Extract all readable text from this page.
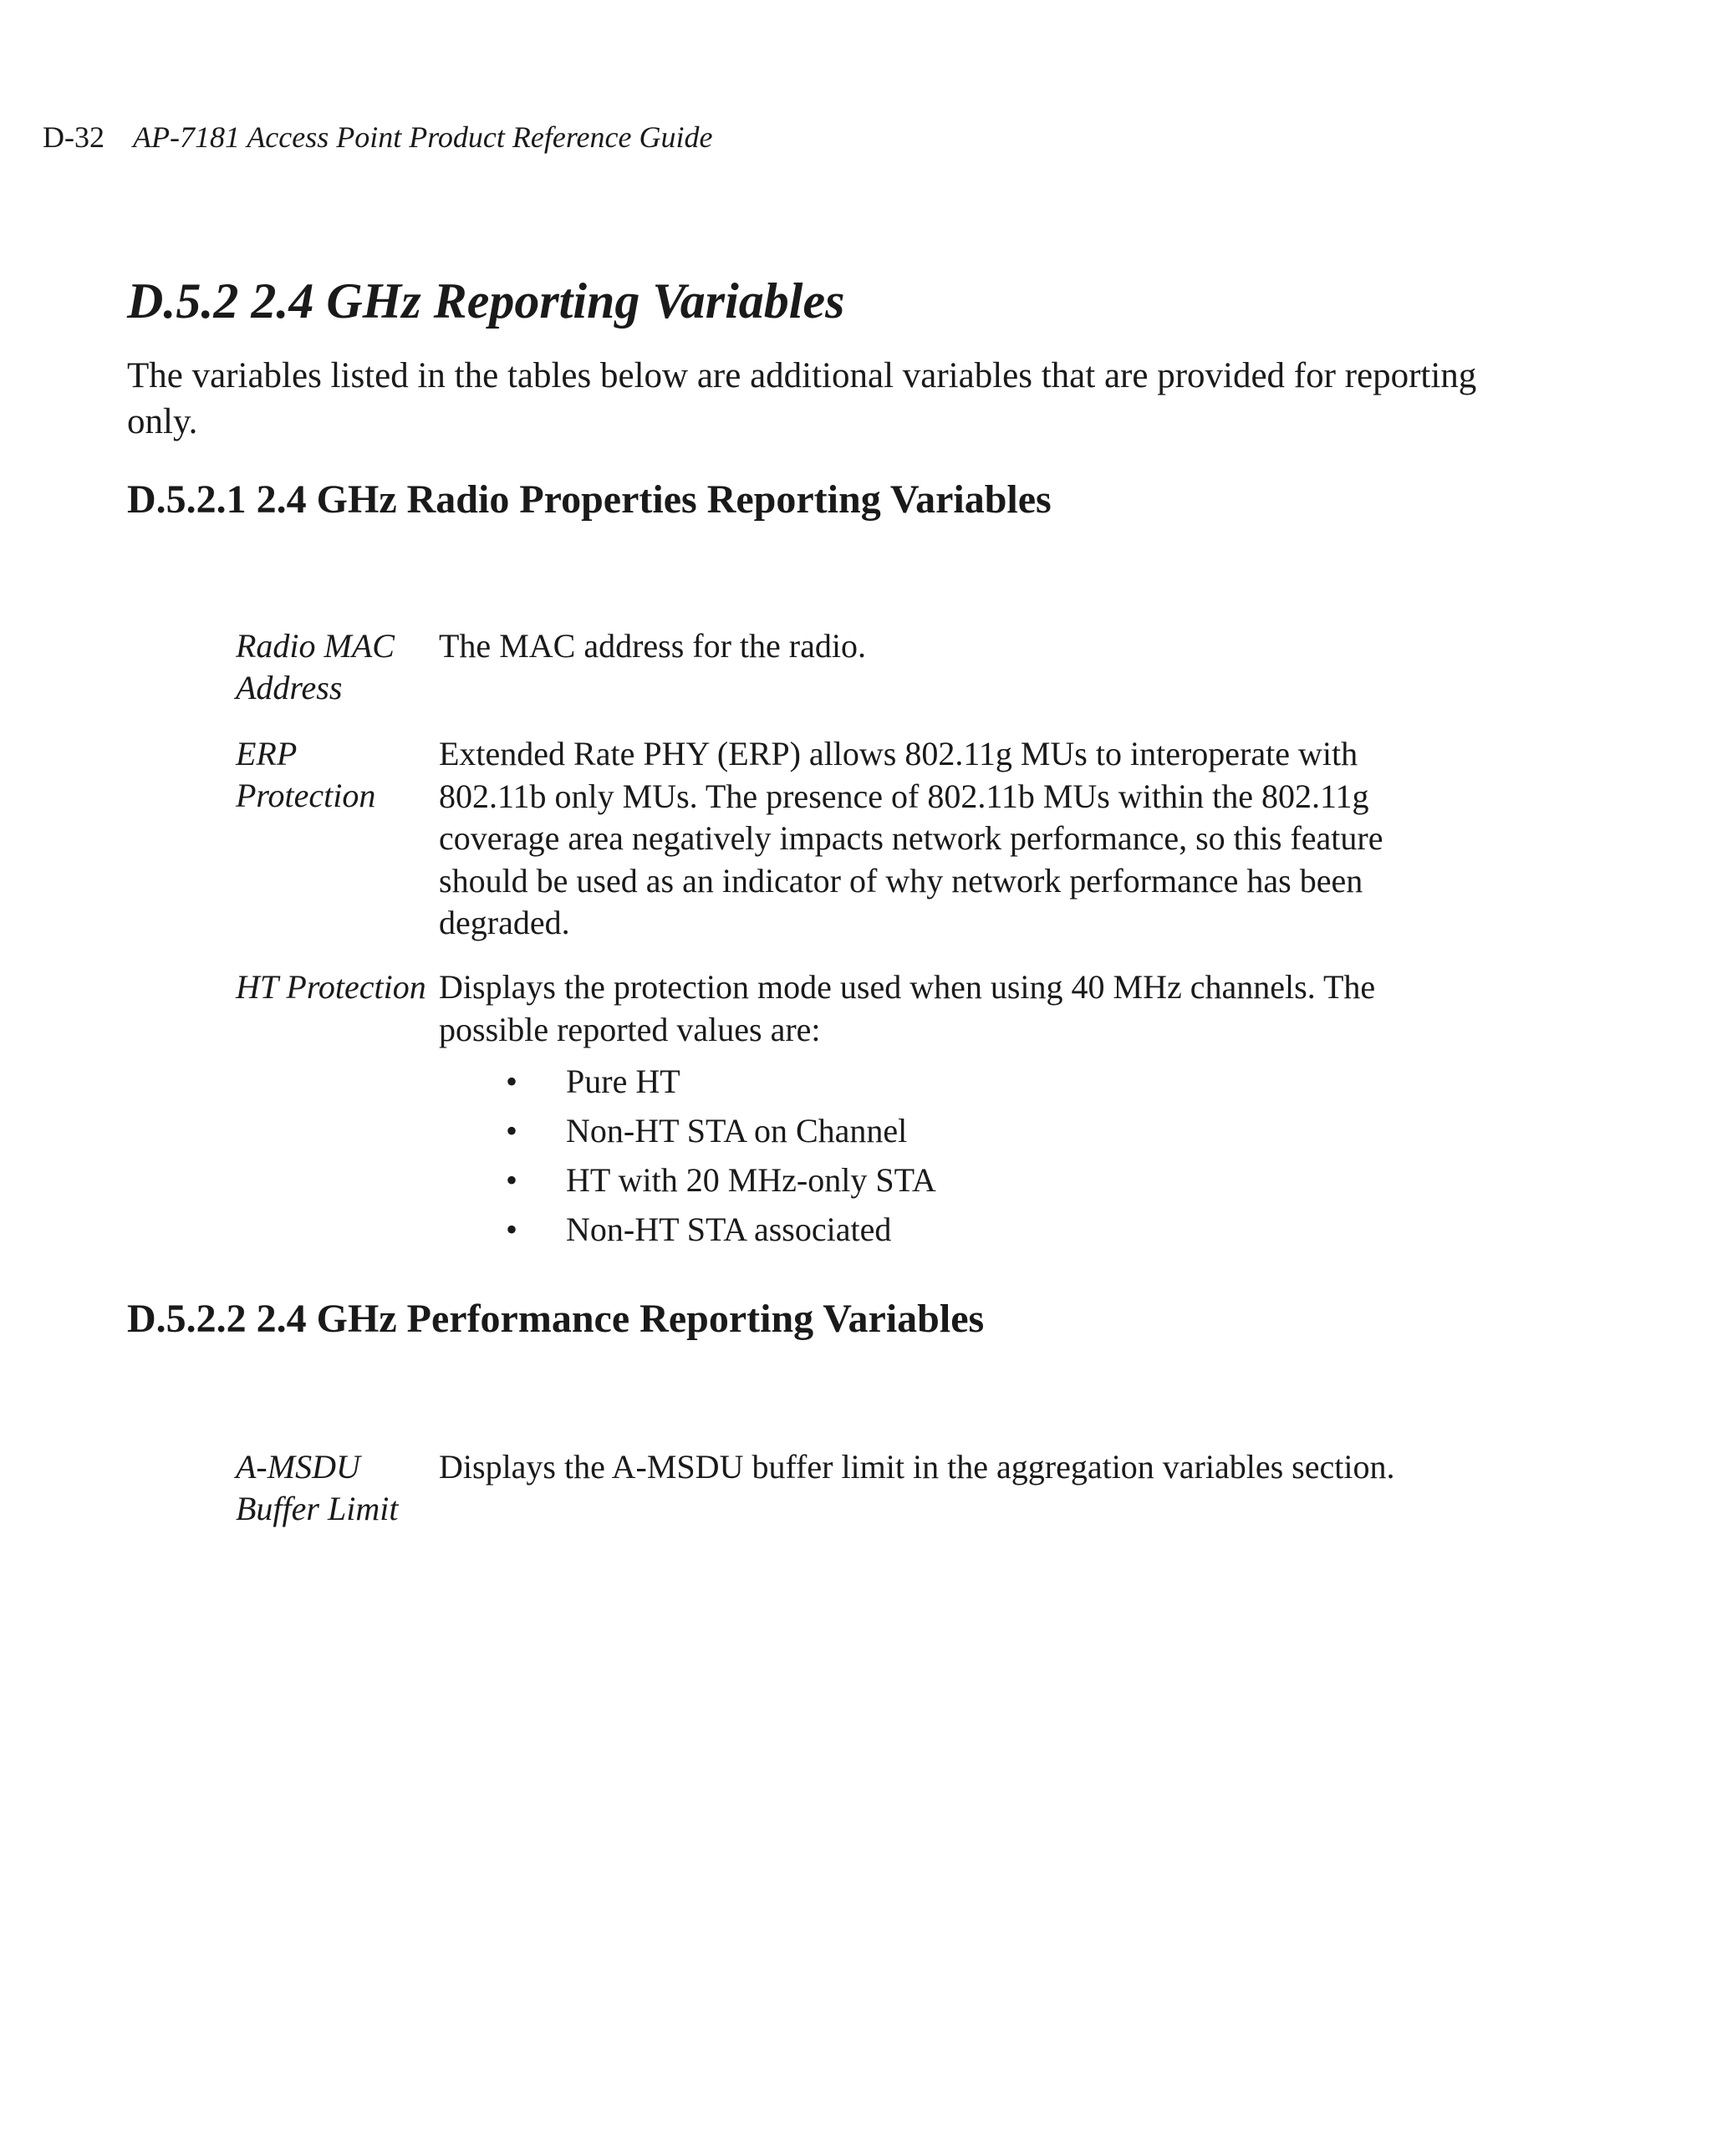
D-32 AP-7181 Access Point Product Reference Guide
D.5.2 2.4 GHz Reporting Variables

The variables listed in the tables below are additional variables that are provided for reporting only.

D.5.2.1 2.4 GHz Radio Properties Reporting Variables
Radio MAC Address

The MAC address for the radio.

ERP Protection

Extended Rate PHY (ERP) allows 802.11g MUs to interoperate with 802.11b only MUs. The presence of 802.11b MUs within the 802.11g coverage area negatively impacts network performance, so this feature should be used as an indicator of why network performance has been degraded.

HT Protection Displays the protection mode used when using 40 MHz channels. The possible reported values are:

• Pure HT
• Non-HT STA on Channel
• HT with 20 MHz-only STA
• Non-HT STA associated
D.5.2.2 2.4 GHz Performance Reporting Variables
A-MSDU Buffer Limit

Displays the A-MSDU buffer limit in the aggregation variables section.
